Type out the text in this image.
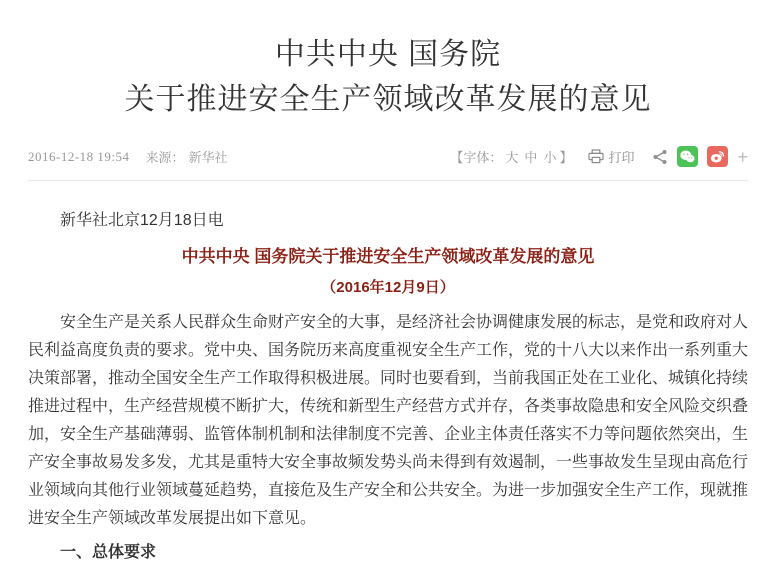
中共中央 国务院
关于推进安全生产领域改革发展的意见
2016-12-18 19:54 来源： 新华社	【字体： 大 中 小 】	打印	+

新华社北京12月18日电

中共中央 国务院关于推进安全生产领域改革发展的意见

（2016年12月9日）

安全生产是关系人民群众生命财产安全的大事，是经济社会协调健康发展的标志，是党和政府对人民利益高度负责的要求。党中央、国务院历来高度重视安全生产工作，党的十八大以来作出一系列重大决策部署，推动全国安全生产工作取得积极进展。同时也要看到，当前我国正处在工业化、城镇化持续推进过程中，生产经营规模不断扩大，传统和新型生产经营方式并存，各类事故隐患和安全风险交织叠加，安全生产基础薄弱、监管体制机制和法律制度不完善、企业主体责任落实不力等问题依然突出，生产安全事故易发多发，尤其是重特大安全事故频发势头尚未得到有效遏制，一些事故发生呈现由高危行业领域向其他行业领域蔓延趋势，直接危及生产安全和公共安全。为进一步加强安全生产工作，现就推进安全生产领域改革发展提出如下意见。

一、总体要求
